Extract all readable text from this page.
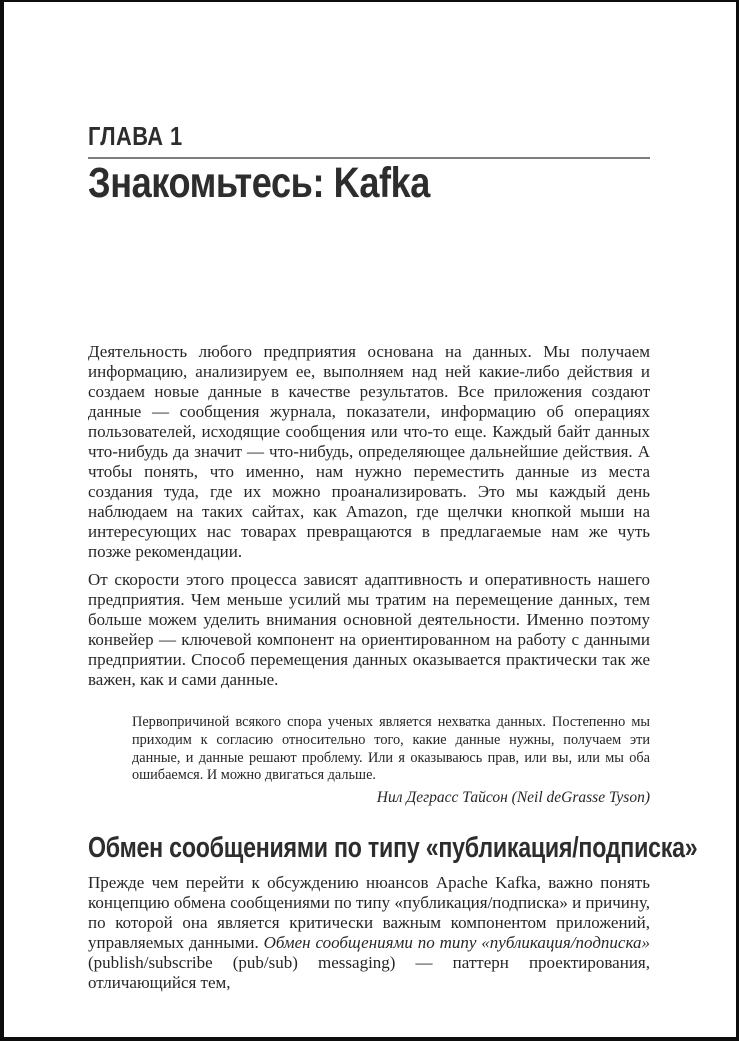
ГЛАВА 1
Знакомьтесь: Kafka

Деятельность любого предприятия основана на данных. Мы получаем информацию, анализируем ее, выполняем над ней какие-либо действия и создаем новые данные в качестве результатов. Все приложения создают данные — сообщения журнала, показатели, информацию об операциях пользователей, исходящие сообщения или что-то еще. Каждый байт данных что-нибудь да значит — что-нибудь, определяющее дальнейшие действия. А чтобы понять, что именно, нам нужно переместить данные из места создания туда, где их можно проанализировать. Это мы каждый день наблюдаем на таких сайтах, как Amazon, где щелчки кнопкой мыши на интересующих нас товарах превращаются в предлагаемые нам же чуть позже рекомендации.

От скорости этого процесса зависят адаптивность и оперативность нашего предприятия. Чем меньше усилий мы тратим на перемещение данных, тем больше можем уделить внимания основной деятельности. Именно поэтому конвейер — ключевой компонент на ориентированном на работу с данными предприятии. Способ перемещения данных оказывается практически так же важен, как и сами данные.

Первопричиной всякого спора ученых является нехватка данных. Постепенно мы приходим к согласию относительно того, какие данные нужны, получаем эти данные, и данные решают проблему. Или я оказываюсь прав, или вы, или мы оба ошибаемся. И можно двигаться дальше.
Нил Деграсс Тайсон (Neil deGrasse Tyson)
Обмен сообщениями по типу «публикация/подписка»

Прежде чем перейти к обсуждению нюансов Apache Kafka, важно понять концепцию обмена сообщениями по типу «публикация/подписка» и причину, по которой она является критически важным компонентом приложений, управляемых данными. Обмен сообщениями по типу «публикация/подписка» (publish/subscribe (pub/sub) messaging) — паттерн проектирования, отличающийся тем,
